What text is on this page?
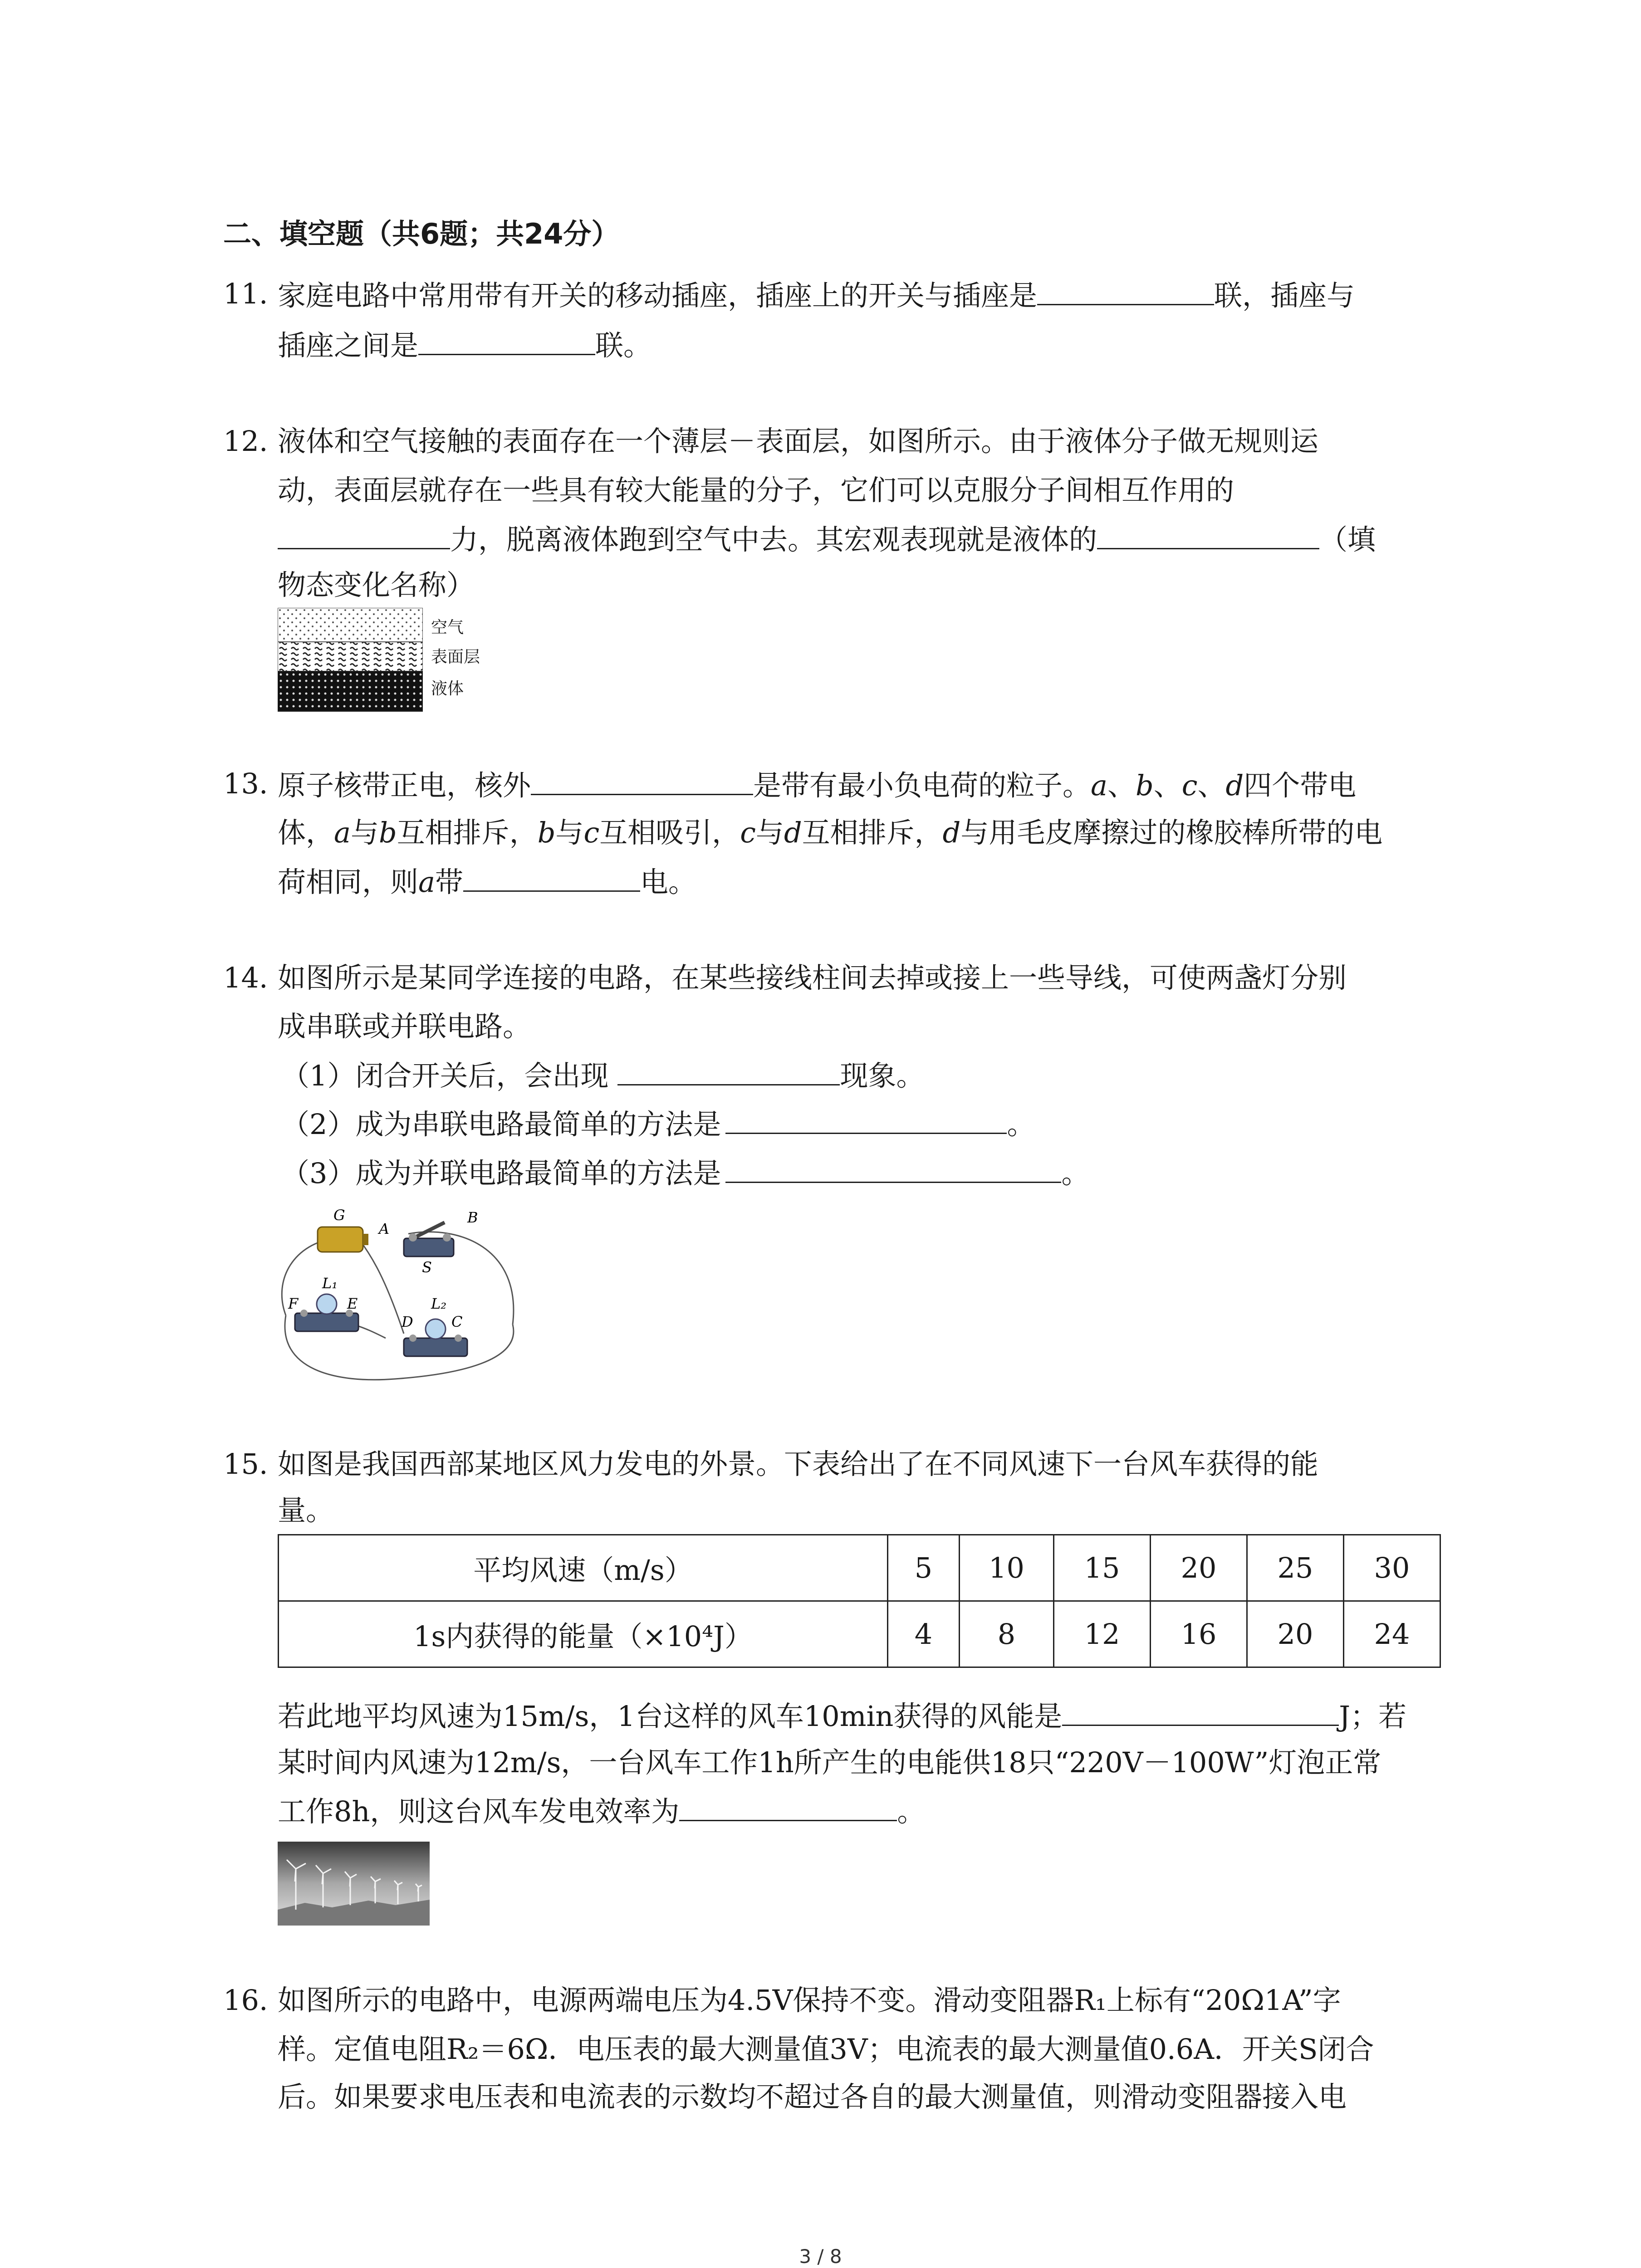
二、填空题（共6题；共24分）
11. 家庭电路中常用带有开关的移动插座，插座上的开关与插座是	联，插座与
插座之间是	联。
12. 液体和空气接触的表面存在一个薄层－表面层，如图所示。由于液体分子做无规则运
动，表面层就存在一些具有较大能量的分子，它们可以克服分子间相互作用的
力，脱离液体跑到空气中去。其宏观表现就是液体的	（填
物态变化名称）
空气
表面层
液体
13. 原子核带正电，核外	是带有最小负电荷的粒子。a、b、c、d四个带电
体，a与b互相排斥，b与c互相吸引，c与d互相排斥，d与用毛皮摩擦过的橡胶棒所带的电
荷相同，则a带	电。
14. 如图所示是某同学连接的电路，在某些接线柱间去掉或接上一些导线，可使两盏灯分别
成串联或并联电路。
（1）闭合开关后，会出现	现象。
（2）成为串联电路最简单的方法是	。
（3）成为并联电路最简单的方法是	。
G
A
B
S
L₁
L₂
F	E
D	C
15. 如图是我国西部某地区风力发电的外景。下表给出了在不同风速下一台风车获得的能
量。
平均风速（m/s）	5	10	15	20	25	30
1s内获得的能量（×10⁴J）	4	8	12	16	20	24
若此地平均风速为15m/s，1台这样的风车10min获得的风能是	J；若
某时间内风速为12m/s，一台风车工作1h所产生的电能供18只“220V－100W”灯泡正常
工作8h，则这台风车发电效率为	。
16. 如图所示的电路中，电源两端电压为4.5V保持不变。滑动变阻器R₁上标有“20Ω1A”字
样。定值电阻R₂＝6Ω．电压表的最大测量值3V；电流表的最大测量值0.6A．开关S闭合
后。如果要求电压表和电流表的示数均不超过各自的最大测量值，则滑动变阻器接入电
3 / 8
